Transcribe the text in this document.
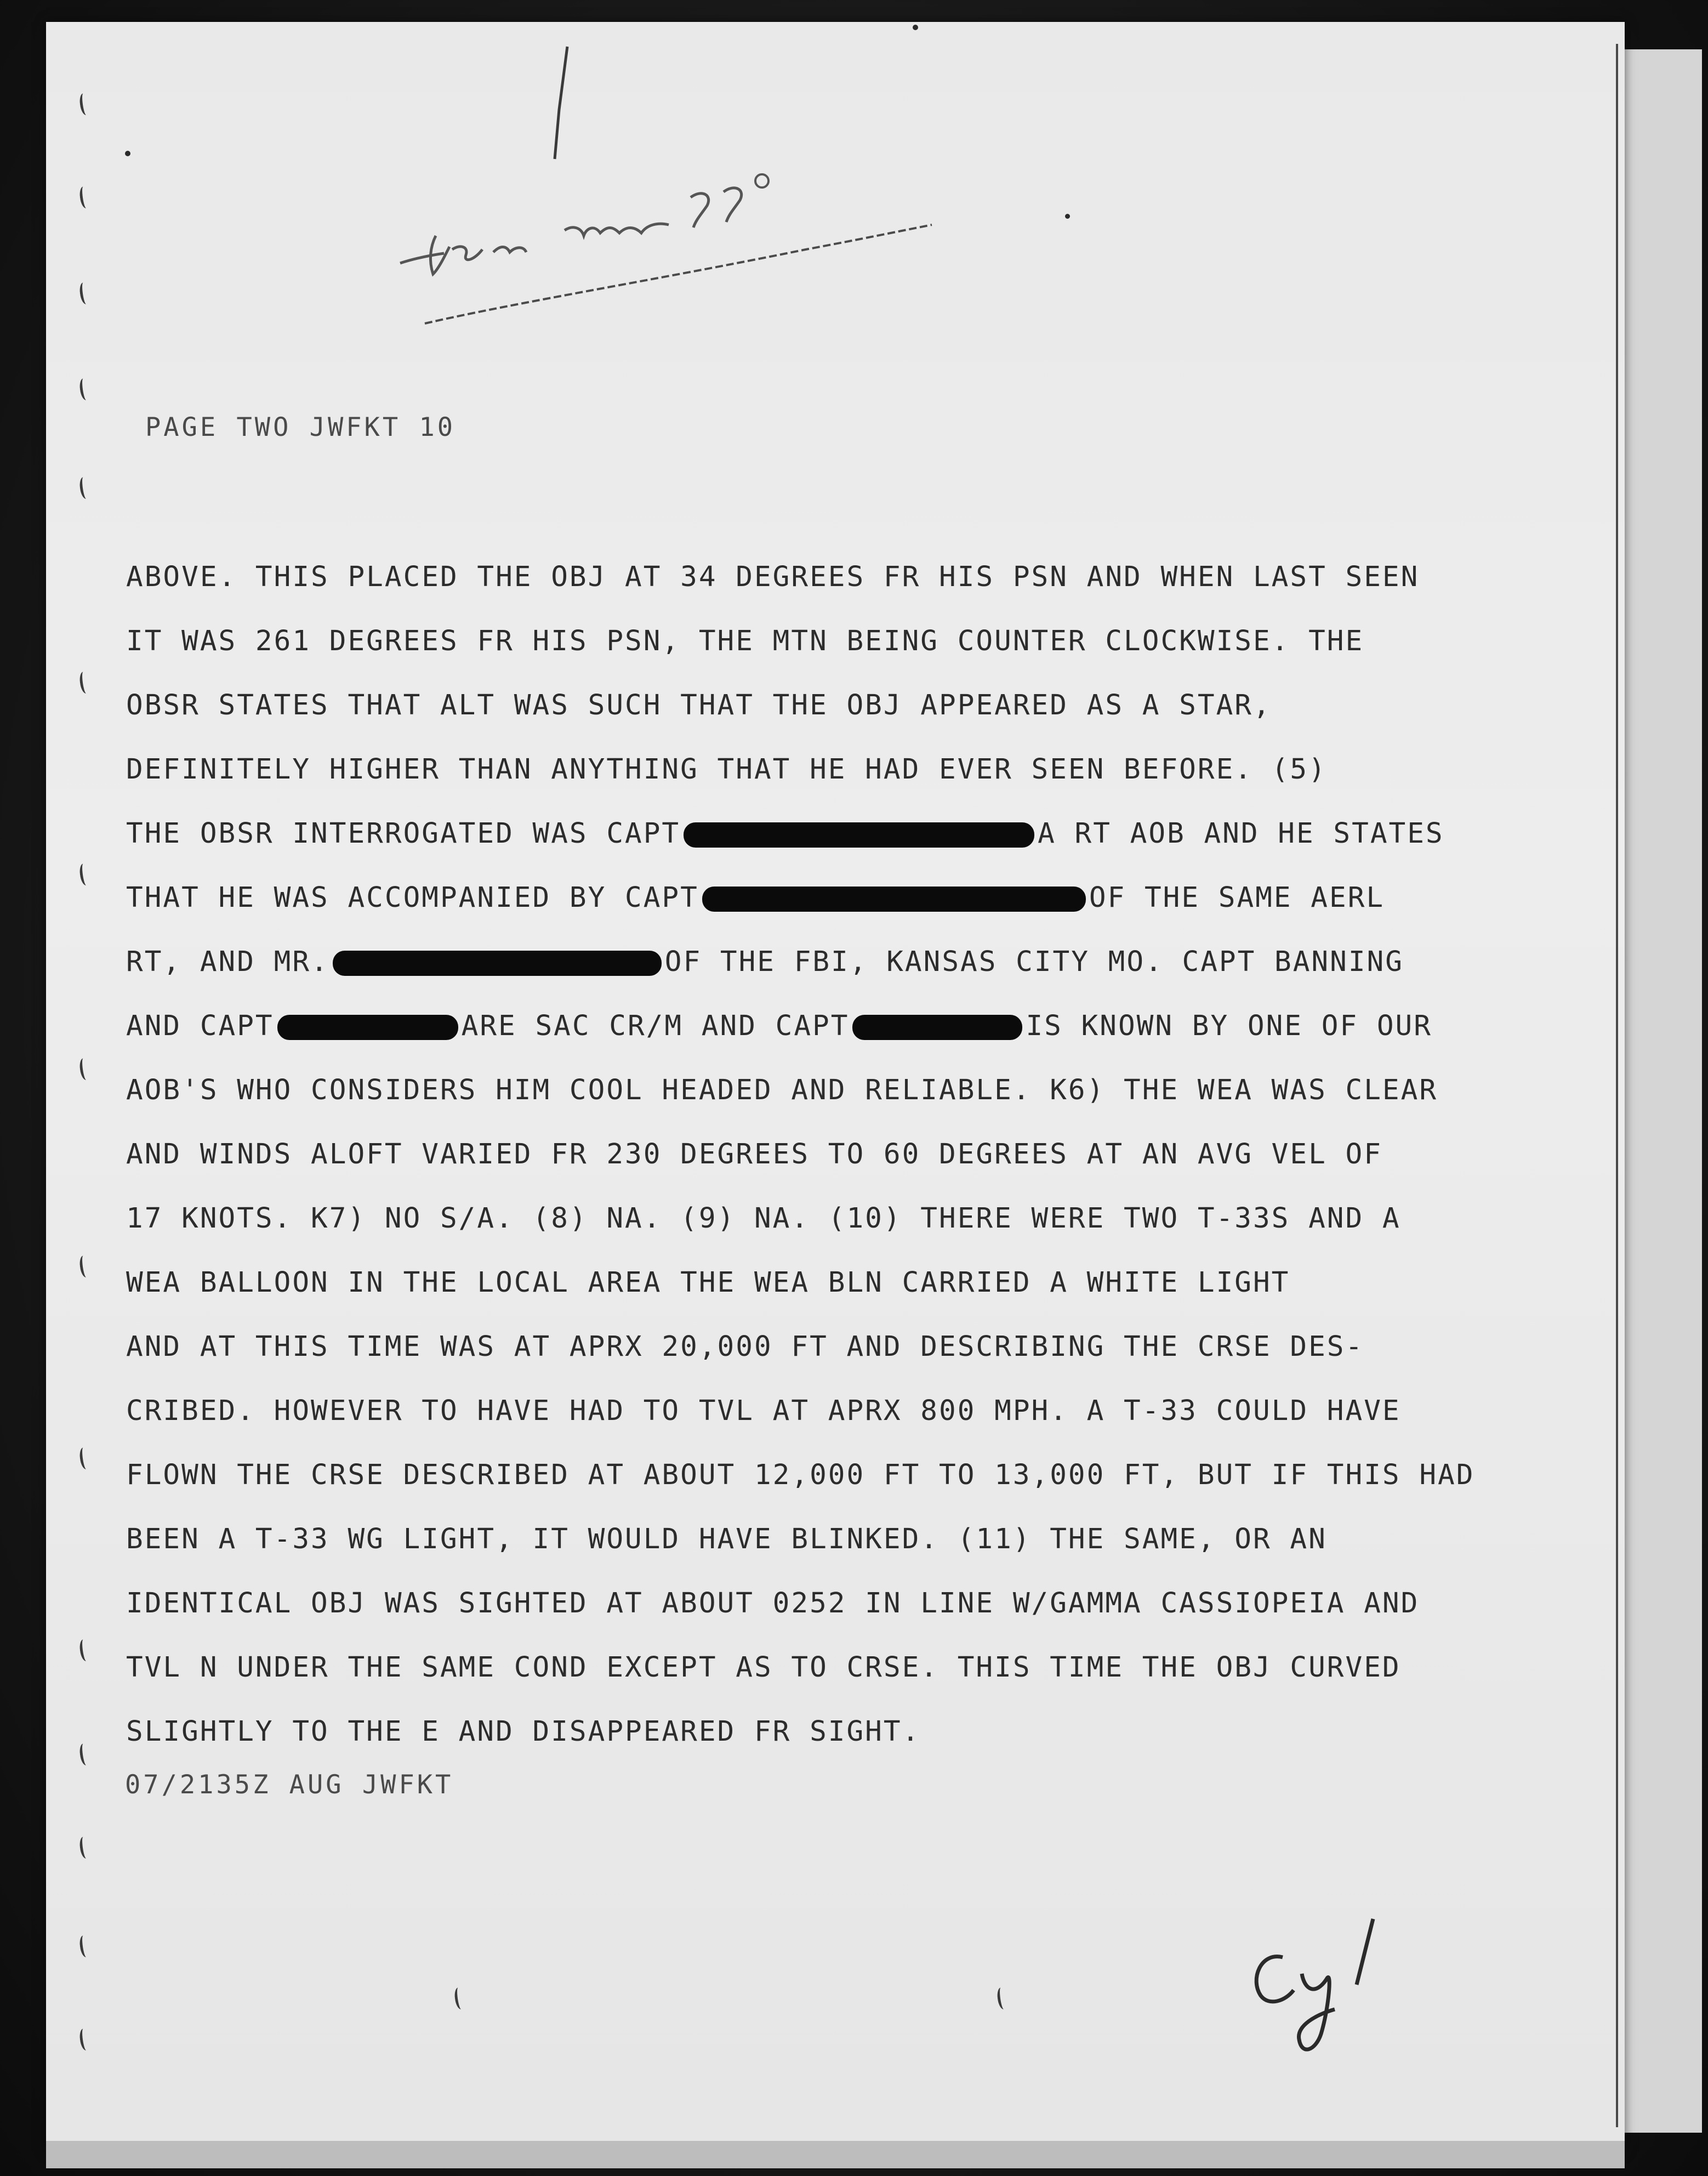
PAGE TWO JWFKT 10
ABOVE. THIS PLACED THE OBJ AT 34 DEGREES FR HIS PSN AND WHEN LAST SEEN
IT WAS 261 DEGREES FR HIS PSN, THE MTN BEING COUNTER CLOCKWISE. THE
OBSR STATES THAT ALT WAS SUCH THAT THE OBJ APPEARED AS A STAR,
DEFINITELY HIGHER THAN ANYTHING THAT HE HAD EVER SEEN BEFORE. (5)
THE OBSR INTERROGATED WAS CAPT	A RT AOB AND HE STATES
THAT HE WAS ACCOMPANIED BY CAPT	OF THE SAME AERL
RT, AND MR.	OF THE FBI, KANSAS CITY MO. CAPT BANNING
AND CAPT	ARE SAC CR/M AND CAPT	IS KNOWN BY ONE OF OUR
AOB'S WHO CONSIDERS HIM COOL HEADED AND RELIABLE. K6) THE WEA WAS CLEAR
AND WINDS ALOFT VARIED FR 230 DEGREES TO 60 DEGREES AT AN AVG VEL OF
17 KNOTS. K7) NO S/A. (8) NA. (9) NA. (10) THERE WERE TWO T-33S AND A
WEA BALLOON IN THE LOCAL AREA THE WEA BLN CARRIED A WHITE LIGHT
AND AT THIS TIME WAS AT APRX 20,000 FT AND DESCRIBING THE CRSE DES-
CRIBED. HOWEVER TO HAVE HAD TO TVL AT APRX 800 MPH. A T-33 COULD HAVE
FLOWN THE CRSE DESCRIBED AT ABOUT 12,000 FT TO 13,000 FT, BUT IF THIS HAD
BEEN A T-33 WG LIGHT, IT WOULD HAVE BLINKED. (11) THE SAME, OR AN
IDENTICAL OBJ WAS SIGHTED AT ABOUT 0252 IN LINE W/GAMMA CASSIOPEIA AND
TVL N UNDER THE SAME COND EXCEPT AS TO CRSE. THIS TIME THE OBJ CURVED
SLIGHTLY TO THE E AND DISAPPEARED FR SIGHT.
07/2135Z AUG JWFKT
